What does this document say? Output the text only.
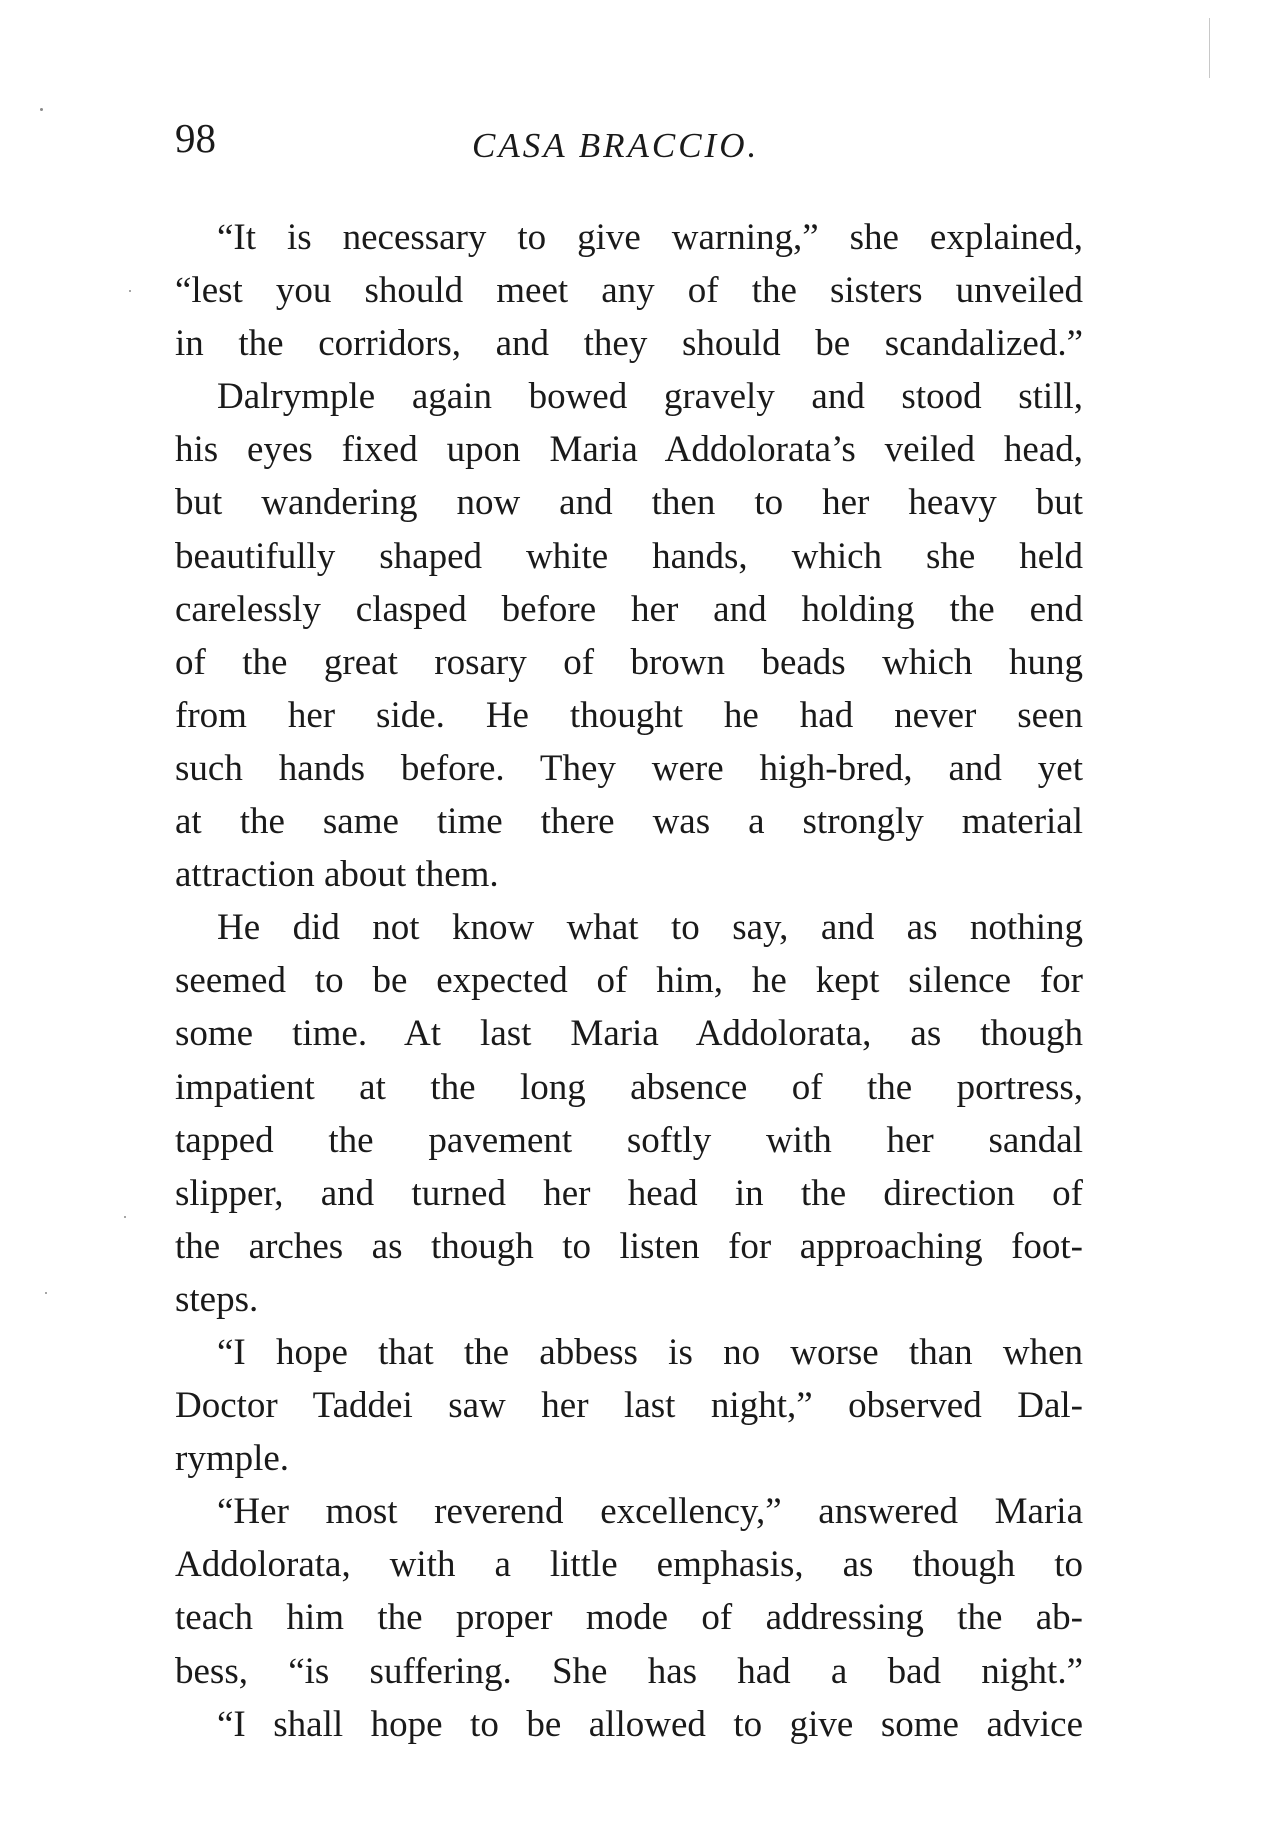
98	CASA BRACCIO.
“It is necessary to give warning,” she explained,
“lest you should meet any of the sisters unveiled
in the corridors, and they should be scandalized.”
Dalrymple again bowed gravely and stood still,
his eyes fixed upon Maria Addolorata’s veiled head,
but wandering now and then to her heavy but
beautifully shaped white hands, which she held
carelessly clasped before her and holding the end
of the great rosary of brown beads which hung
from her side. He thought he had never seen
such hands before. They were high-bred, and yet
at the same time there was a strongly material
attraction about them.
He did not know what to say, and as nothing
seemed to be expected of him, he kept silence for
some time. At last Maria Addolorata, as though
impatient at the long absence of the portress,
tapped the pavement softly with her sandal
slipper, and turned her head in the direction of
the arches as though to listen for approaching foot-
steps.
“I hope that the abbess is no worse than when
Doctor Taddei saw her last night,” observed Dal-
rymple.
“Her most reverend excellency,” answered Maria
Addolorata, with a little emphasis, as though to
teach him the proper mode of addressing the ab-
bess, “is suffering. She has had a bad night.”
“I shall hope to be allowed to give some advice
